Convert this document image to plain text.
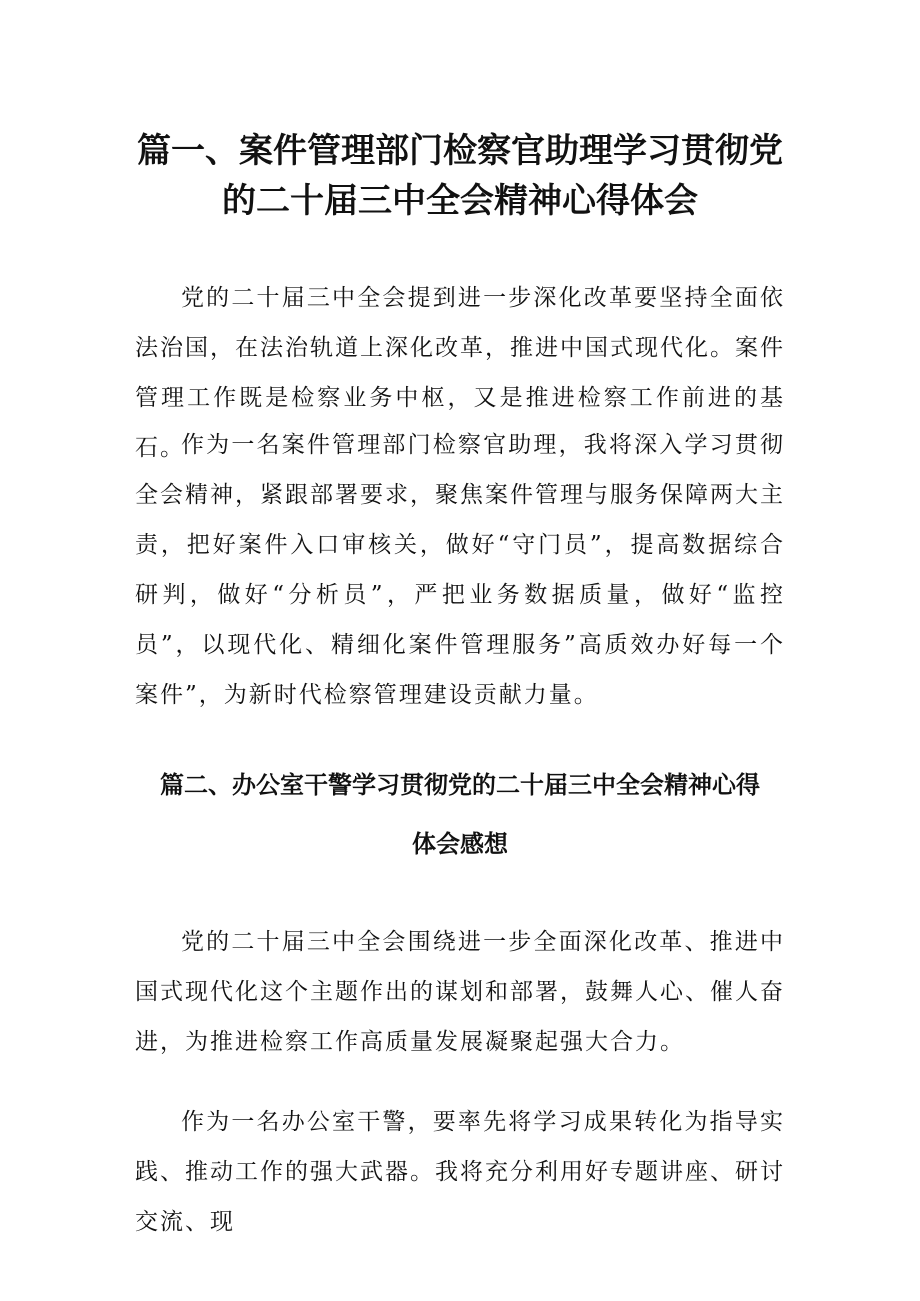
篇一、案件管理部门检察官助理学习贯彻党
的二十届三中全会精神心得体会

党的二十届三中全会提到进一步深化改革要坚持全面依法治国，在法治轨道上深化改革，推进中国式现代化。案件管理工作既是检察业务中枢，又是推进检察工作前进的基石。

作为一名案件管理部门检察官助理，我将深入学习贯彻全会精神，紧跟部署要求，聚焦案件管理与服务保障两大主责，把好案件入口审核关，做好“守门员”，提高数据综合研判，做好“分析员”，严把业务数据质量，做好“监控员”，以现代化、精细化案件管理服务”高质效办好每一个案件”，为新时代检察管理建设贡献力量。

篇二、办公室干警学习贯彻党的二十届三中全会精神心得
体会感想

党的二十届三中全会围绕进一步全面深化改革、推进中国式现代化这个主题作出的谋划和部署，鼓舞人心、催人奋进，为推进检察工作高质量发展凝聚起强大合力。

作为一名办公室干警，要率先将学习成果转化为指导实践、推动工作的强大武器。我将充分利用好专题讲座、研讨交流、现
